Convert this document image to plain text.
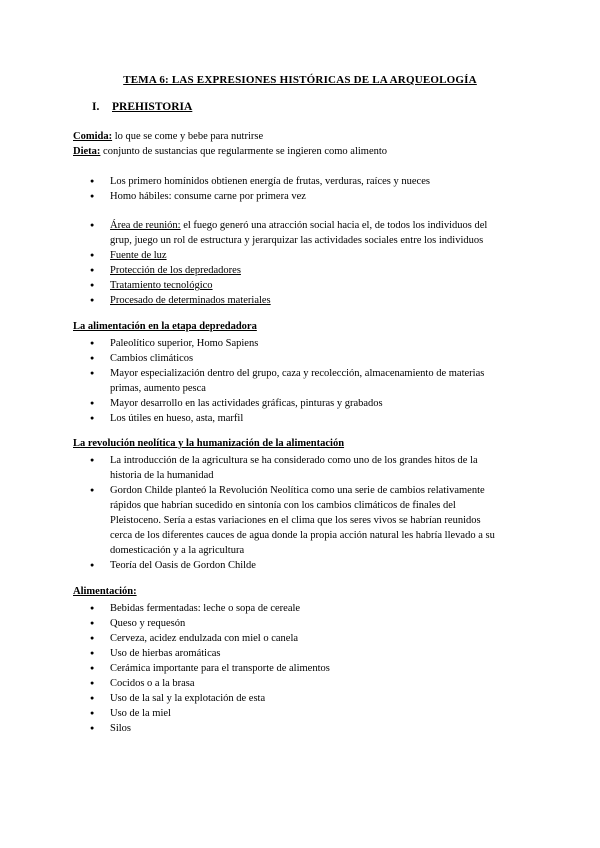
TEMA 6: LAS EXPRESIONES HISTÓRICAS DE LA ARQUEOLOGÍA
I. PREHISTORIA
Comida: lo que se come y bebe para nutrirse
Dieta: conjunto de sustancias que regularmente se ingieren como alimento
● Los primero homínidos obtienen energía de frutas, verduras, raíces y nueces
● Homo hábiles: consume carne por primera vez
● Área de reunión: el fuego generó una atracción social hacia el, de todos los individuos del grup, juego un rol de estructura y jerarquizar las actividades sociales entre los individuos
● Fuente de luz
● Protección de los depredadores
● Tratamiento tecnológico
● Procesado de determinados materiales
La alimentación en la etapa depredadora
● Paleolítico superior, Homo Sapiens
● Cambios climáticos
● Mayor especialización dentro del grupo, caza y recolección, almacenamiento de materias primas, aumento pesca
● Mayor desarrollo en las actividades gráficas, pinturas y grabados
● Los útiles en hueso, asta, marfil
La revolución neolítica y la humanización de la alimentación
● La introducción de la agricultura se ha considerado como uno de los grandes hitos de la historia de la humanidad
● Gordon Childe planteó la Revolución Neolítica como una serie de cambios relativamente rápidos que habrían sucedido en sintonía con los cambios climáticos de finales del Pleistoceno. Sería a estas variaciones en el clima que los seres vivos se habrían reunidos cerca de los diferentes cauces de agua donde la propia acción natural les habría llevado a su domesticación y a la agricultura
● Teoría del Oasis de Gordon Childe
Alimentación:
● Bebidas fermentadas: leche o sopa de cereale
● Queso y requesón
● Cerveza, acidez endulzada con miel o canela
● Uso de hierbas aromáticas
● Cerámica importante para el transporte de alimentos
● Cocidos o a la brasa
● Uso de la sal y la explotación de esta
● Uso de la miel
● Silos
